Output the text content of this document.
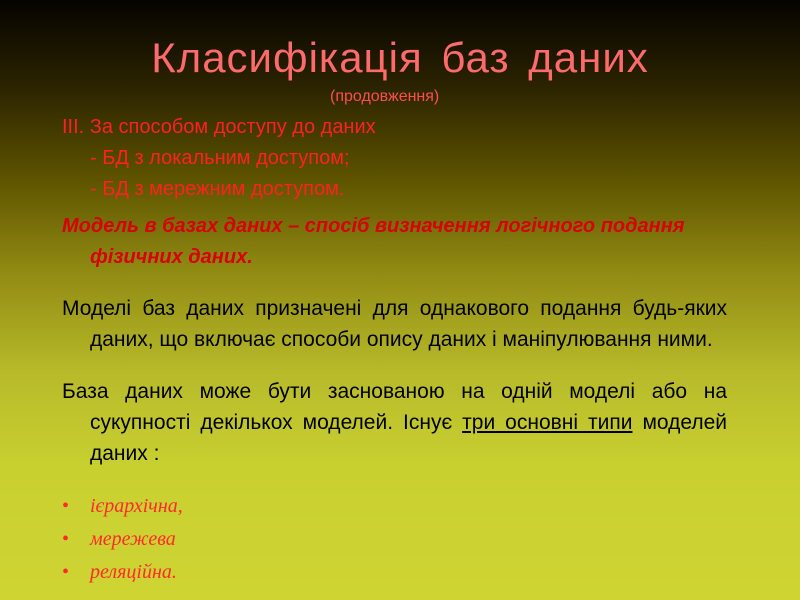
Класифікація баз даних
(продовження)

ІІІ. За способом доступу до даних

- БД з локальним доступом;

- БД з мережним доступом.

Модель в базах даних – спосіб визначення логічного подання фізичних даних.

Моделі баз даних призначені для однакового подання будь-яких даних, що включає способи опису даних і маніпулювання ними.

База даних може бути заснованою на одній моделі або на сукупності декількох моделей. Існує три основні типи моделей даних :

• ієрархічна,
• мережева
• реляційна.
